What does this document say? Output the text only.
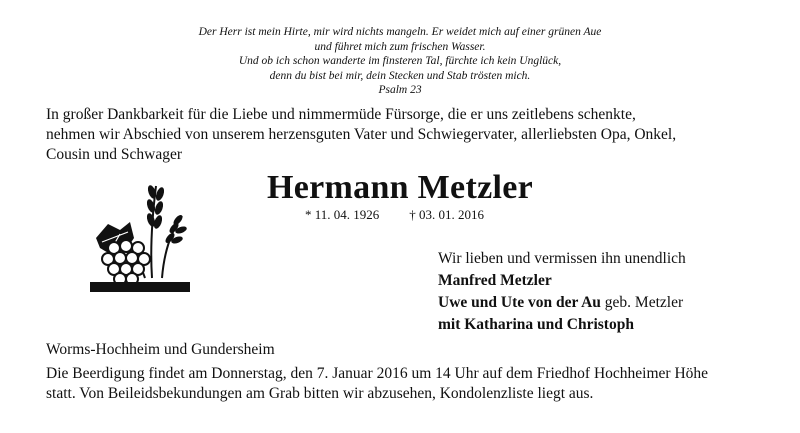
Der Herr ist mein Hirte, mir wird nichts mangeln. Er weidet mich auf einer grünen Aue
und führet mich zum frischen Wasser.
Und ob ich schon wanderte im finsteren Tal, fürchte ich kein Unglück,
denn du bist bei mir, dein Stecken und Stab trösten mich.
Psalm 23
In großer Dankbarkeit für die Liebe und nimmermüde Fürsorge, die er uns zeitlebens schenkte,
nehmen wir Abschied von unserem herzensguten Vater und Schwiegervater, allerliebsten Opa, Onkel,
Cousin und Schwager
Hermann Metzler
* 11. 04. 1926 † 03. 01. 2016
Wir lieben und vermissen ihn unendlich
Manfred Metzler
Uwe und Ute von der Au geb. Metzler
mit Katharina und Christoph
Worms-Hochheim und Gundersheim
Die Beerdigung findet am Donnerstag, den 7. Januar 2016 um 14 Uhr auf dem Friedhof Hochheimer Höhe
statt. Von Beileidsbekundungen am Grab bitten wir abzusehen, Kondolenzliste liegt aus.
